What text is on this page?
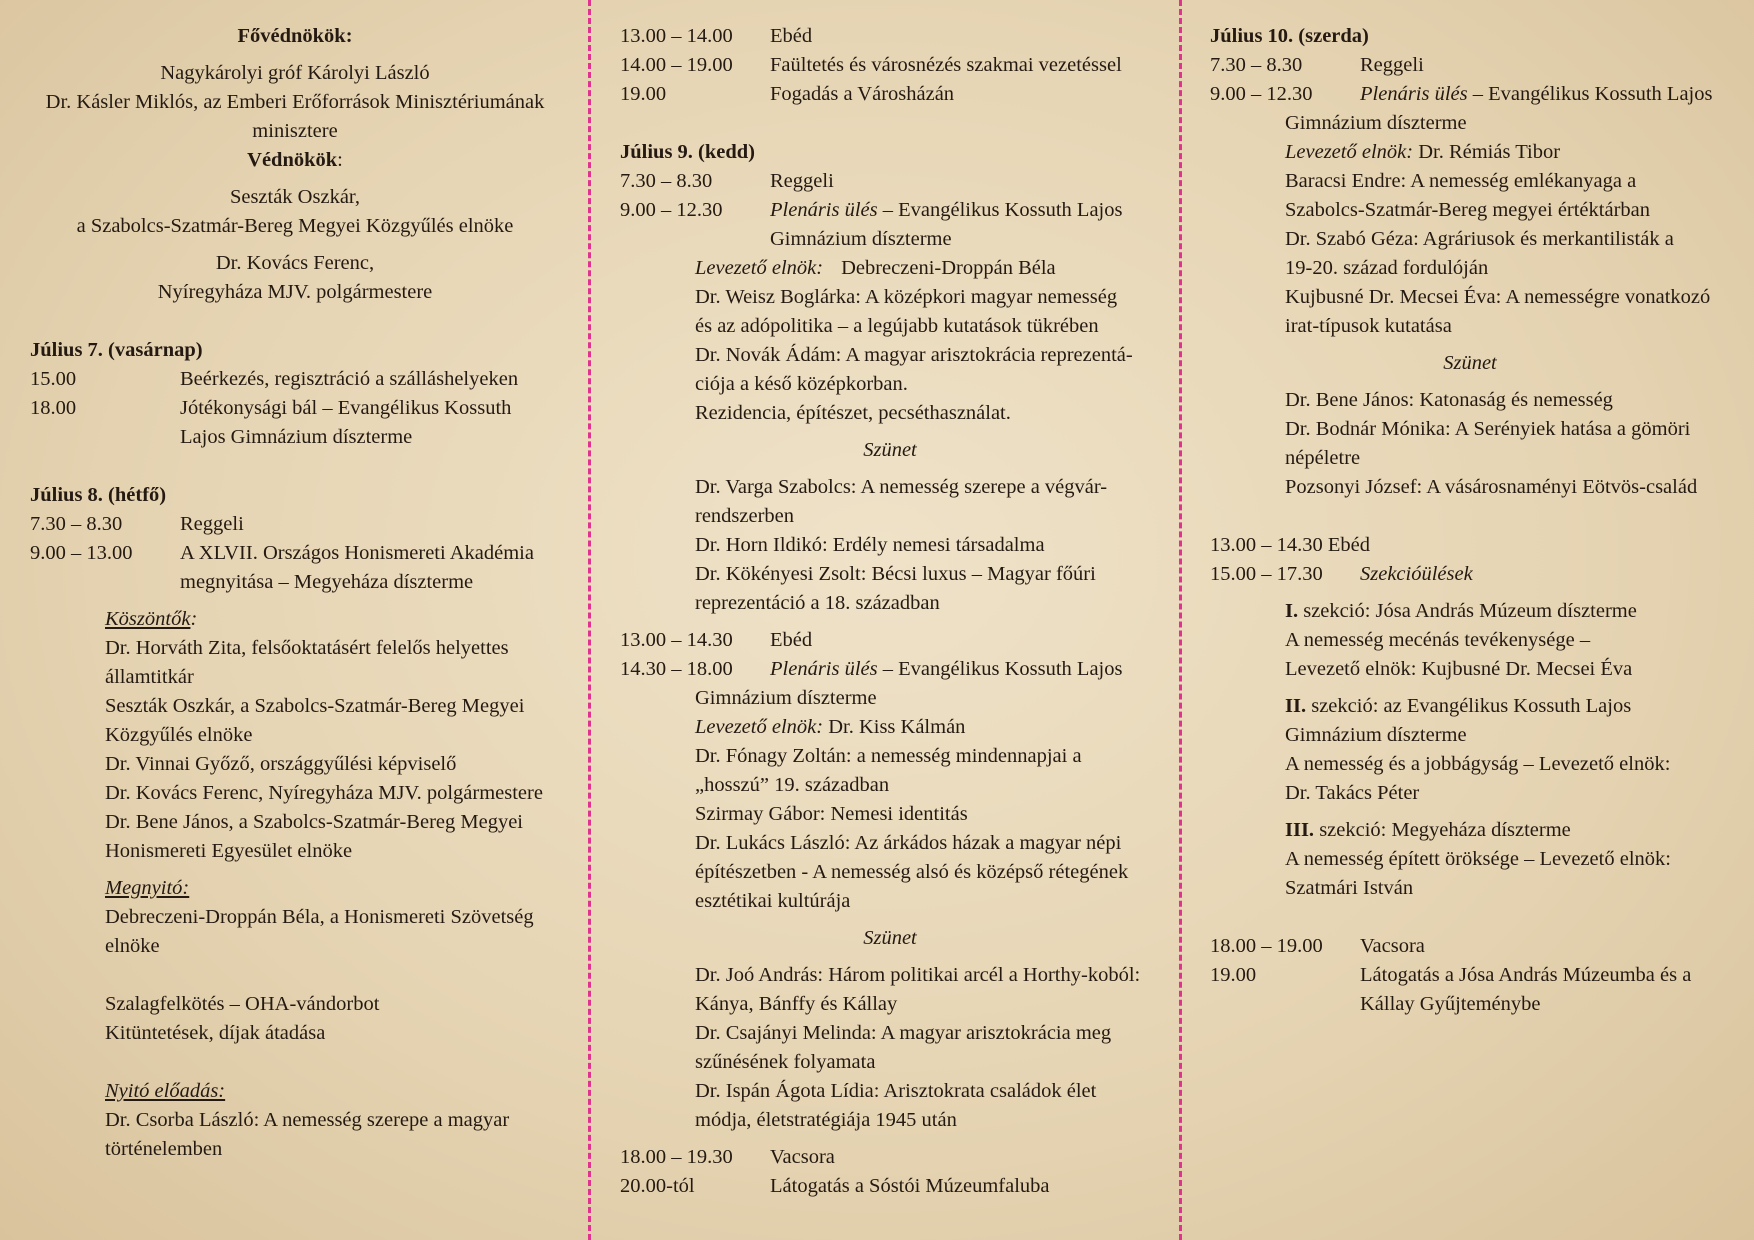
Fővédnökök:
Nagykárolyi gróf Károlyi László
Dr. Kásler Miklós, az Emberi Erőforrások Minisztériumának
minisztere
Védnökök:
Seszták Oszkár,
a Szabolcs-Szatmár-Bereg Megyei Közgyűlés elnöke
Dr. Kovács Ferenc,
Nyíregyháza MJV. polgármestere
Július 7. (vasárnap)
15.00	Beérkezés, regisztráció a szálláshelyeken
18.00	Jótékonysági bál – Evangélikus Kossuth
Lajos Gimnázium díszterme
Július 8. (hétfő)
7.30 – 8.30	Reggeli
9.00 – 13.00	A XLVII. Országos Honismereti Akadémia
megnyitása – Megyeháza díszterme
Köszöntők:
Dr. Horváth Zita, felsőoktatásért felelős helyettes
államtitkár
Seszták Oszkár, a Szabolcs-Szatmár-Bereg Megyei
Közgyűlés elnöke
Dr. Vinnai Győző, országgyűlési képviselő
Dr. Kovács Ferenc, Nyíregyháza MJV. polgármestere
Dr. Bene János, a Szabolcs-Szatmár-Bereg Megyei
Honismereti Egyesület elnöke
Megnyitó:
Debreczeni-Droppán Béla, a Honismereti Szövetség
elnöke
Szalagfelkötés – OHA-vándorbot
Kitüntetések, díjak átadása
Nyitó előadás:
Dr. Csorba László: A nemesség szerepe a magyar
történelemben
13.00 – 14.00	Ebéd
14.00 – 19.00	Faültetés és városnézés szakmai vezetéssel
19.00	Fogadás a Városházán
Július 9. (kedd)
7.30 – 8.30	Reggeli
9.00 – 12.30	Plenáris ülés – Evangélikus Kossuth Lajos
Gimnázium díszterme
Levezető elnök: Debreczeni-Droppán Béla
Dr. Weisz Boglárka: A középkori magyar nemesség
és az adópolitika – a legújabb kutatások tükrében
Dr. Novák Ádám: A magyar arisztokrácia reprezentá-
ciója a késő középkorban.
Rezidencia, építészet, pecséthasználat.
Szünet
Dr. Varga Szabolcs: A nemesség szerepe a végvár-
rendszerben
Dr. Horn Ildikó: Erdély nemesi társadalma
Dr. Kökényesi Zsolt: Bécsi luxus – Magyar főúri
reprezentáció a 18. században
13.00 – 14.30	Ebéd
14.30 – 18.00	Plenáris ülés – Evangélikus Kossuth Lajos
Gimnázium díszterme
Levezető elnök: Dr. Kiss Kálmán
Dr. Fónagy Zoltán: a nemesség mindennapjai a
„hosszú” 19. században
Szirmay Gábor: Nemesi identitás
Dr. Lukács László: Az árkádos házak a magyar népi
építészetben - A nemesség alsó és középső rétegének
esztétikai kultúrája
Szünet
Dr. Joó András: Három politikai arcél a Horthy-koból:
Kánya, Bánffy és Kállay
Dr. Csajányi Melinda: A magyar arisztokrácia meg
szűnésének folyamata
Dr. Ispán Ágota Lídia: Arisztokrata családok élet
módja, életstratégiája 1945 után
18.00 – 19.30	Vacsora
20.00-tól	Látogatás a Sóstói Múzeumfaluba
Július 10. (szerda)
7.30 – 8.30	Reggeli
9.00 – 12.30	Plenáris ülés – Evangélikus Kossuth Lajos
Gimnázium díszterme
Levezető elnök: Dr. Rémiás Tibor
Baracsi Endre: A nemesség emlékanyaga a
Szabolcs-Szatmár-Bereg megyei értéktárban
Dr. Szabó Géza: Agráriusok és merkantilisták a
19-20. század fordulóján
Kujbusné Dr. Mecsei Éva: A nemességre vonatkozó
irat-típusok kutatása
Szünet
Dr. Bene János: Katonaság és nemesség
Dr. Bodnár Mónika: A Serényiek hatása a gömöri
népéletre
Pozsonyi József: A vásárosnaményi Eötvös-család
13.00 – 14.30 Ebéd
15.00 – 17.30	Szekcióülések
I. szekció: Jósa András Múzeum díszterme
A nemesség mecénás tevékenysége –
Levezető elnök: Kujbusné Dr. Mecsei Éva
II. szekció: az Evangélikus Kossuth Lajos
Gimnázium díszterme
A nemesség és a jobbágyság – Levezető elnök:
Dr. Takács Péter
III. szekció: Megyeháza díszterme
A nemesség épített öröksége – Levezető elnök:
Szatmári István
18.00 – 19.00	Vacsora
19.00	Látogatás a Jósa András Múzeumba és a
Kállay Gyűjteménybe
